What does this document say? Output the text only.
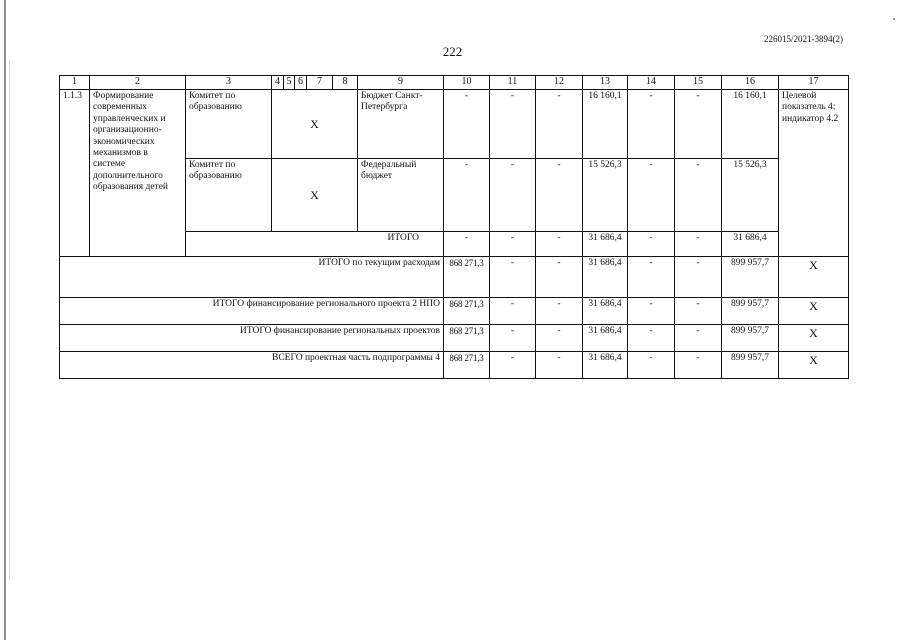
226015/2021-3894(2)
222
1	2	3	4	5	6	7	8	9	10	11	12	13	14	15	16	17
1.1.3	Формирование современных управленческих и организационно-экономических механизмов в системе дополнительного образования детей	Комитет по образованию	X					Бюджет Санкт-Петербурга	-	-	-	16 160,1	-	-	16 160,1	Целевой показатель 4; индикатор 4.2
		Комитет по образованию	X					Федеральный бюджет	-	-	-	15 526,3	-	-	15 526,3	
		ИТОГО							-	-	-	31 686,4	-	-	31 686,4	
ИТОГО по текущим расходам									868 271,3	-	-	31 686,4	-	-	899 957,7	X
ИТОГО финансирование регионального проекта 2 НПО									868 271,3	-	-	31 686,4	-	-	899 957,7	X
ИТОГО финансирование региональных проектов									868 271,3	-	-	31 686,4	-	-	899 957,7	X
ВСЕГО проектная часть подпрограммы 4									868 271,3	-	-	31 686,4	-	-	899 957,7	X
